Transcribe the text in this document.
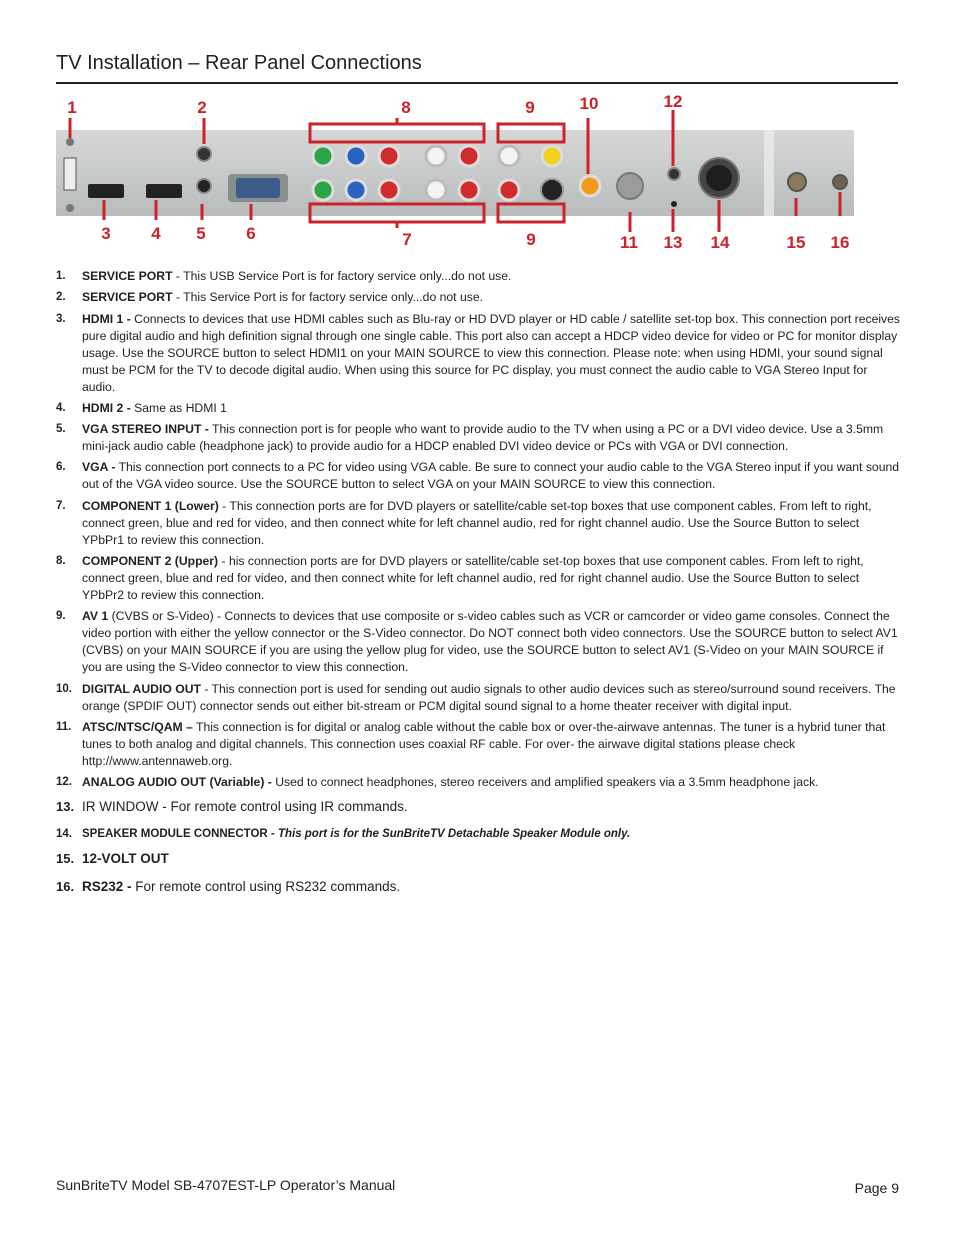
TV Installation – Rear Panel Connections
1	2	8	9	10	12
3 4 5 6	7	9	11 13 14	15 16
1. SERVICE PORT - This USB Service Port is for factory service only...do not use.
2. SERVICE PORT - This Service Port is for factory service only...do not use.
3. HDMI 1 - Connects to devices that use HDMI cables such as Blu-ray or HD DVD player or HD cable / satellite set-top box. This connection port receives pure digital audio and high definition signal through one single cable. This port also can accept a HDCP video device for video or PC for monitor display usage. Use the SOURCE button to select HDMI1 on your MAIN SOURCE to view this connection. Please note: when using HDMI, your sound signal must be PCM for the TV to decode digital audio. When using this source for PC display, you must connect the audio cable to VGA Stereo Input for audio.
4. HDMI 2 - Same as HDMI 1
5. VGA STEREO INPUT - This connection port is for people who want to provide audio to the TV when using a PC or a DVI video device. Use a 3.5mm mini-jack audio cable (headphone jack) to provide audio for a HDCP enabled DVI video device or PCs with VGA or DVI connection.
6. VGA - This connection port connects to a PC for video using VGA cable. Be sure to connect your audio cable to the VGA Stereo input if you want sound out of the VGA video source. Use the SOURCE button to select VGA on your MAIN SOURCE to view this connection.
7. COMPONENT 1 (Lower) - This connection ports are for DVD players or satellite/cable set-top boxes that use component cables. From left to right, connect green, blue and red for video, and then connect white for left channel audio, red for right channel audio. Use the Source Button to select YPbPr1 to review this connection.
8. COMPONENT 2 (Upper) - his connection ports are for DVD players or satellite/cable set-top boxes that use component cables. From left to right, connect green, blue and red for video, and then connect white for left channel audio, red for right channel audio. Use the Source Button to select YPbPr2 to review this connection.
9. AV 1 (CVBS or S-Video) - Connects to devices that use composite or s-video cables such as VCR or camcorder or video game consoles. Connect the video portion with either the yellow connector or the S-Video connector. Do NOT connect both video connectors. Use the SOURCE button to select AV1 (CVBS) on your MAIN SOURCE if you are using the yellow plug for video, use the SOURCE button to select AV1 (S-Video on your MAIN SOURCE if you are using the S-Video connector to view this connection.
10. DIGITAL AUDIO OUT - This connection port is used for sending out audio signals to other audio devices such as stereo/surround sound receivers. The orange (SPDIF OUT) connector sends out either bit-stream or PCM digital sound signal to a home theater receiver with digital input.
11. ATSC/NTSC/QAM – This connection is for digital or analog cable without the cable box or over-the-airwave antennas. The tuner is a hybrid tuner that tunes to both analog and digital channels. This connection uses coaxial RF cable. For over- the airwave digital stations please check http://www.antennaweb.org.
12. ANALOG AUDIO OUT (Variable) - Used to connect headphones, stereo receivers and amplified speakers via a 3.5mm headphone jack.
13. IR WINDOW - For remote control using IR commands.
14. SPEAKER MODULE CONNECTOR - This port is for the SunBriteTV Detachable Speaker Module only.
15. 12-VOLT OUT
16. RS232 - For remote control using RS232 commands.
SunBriteTV Model SB-4707EST-LP Operator’s Manual	Page 9
